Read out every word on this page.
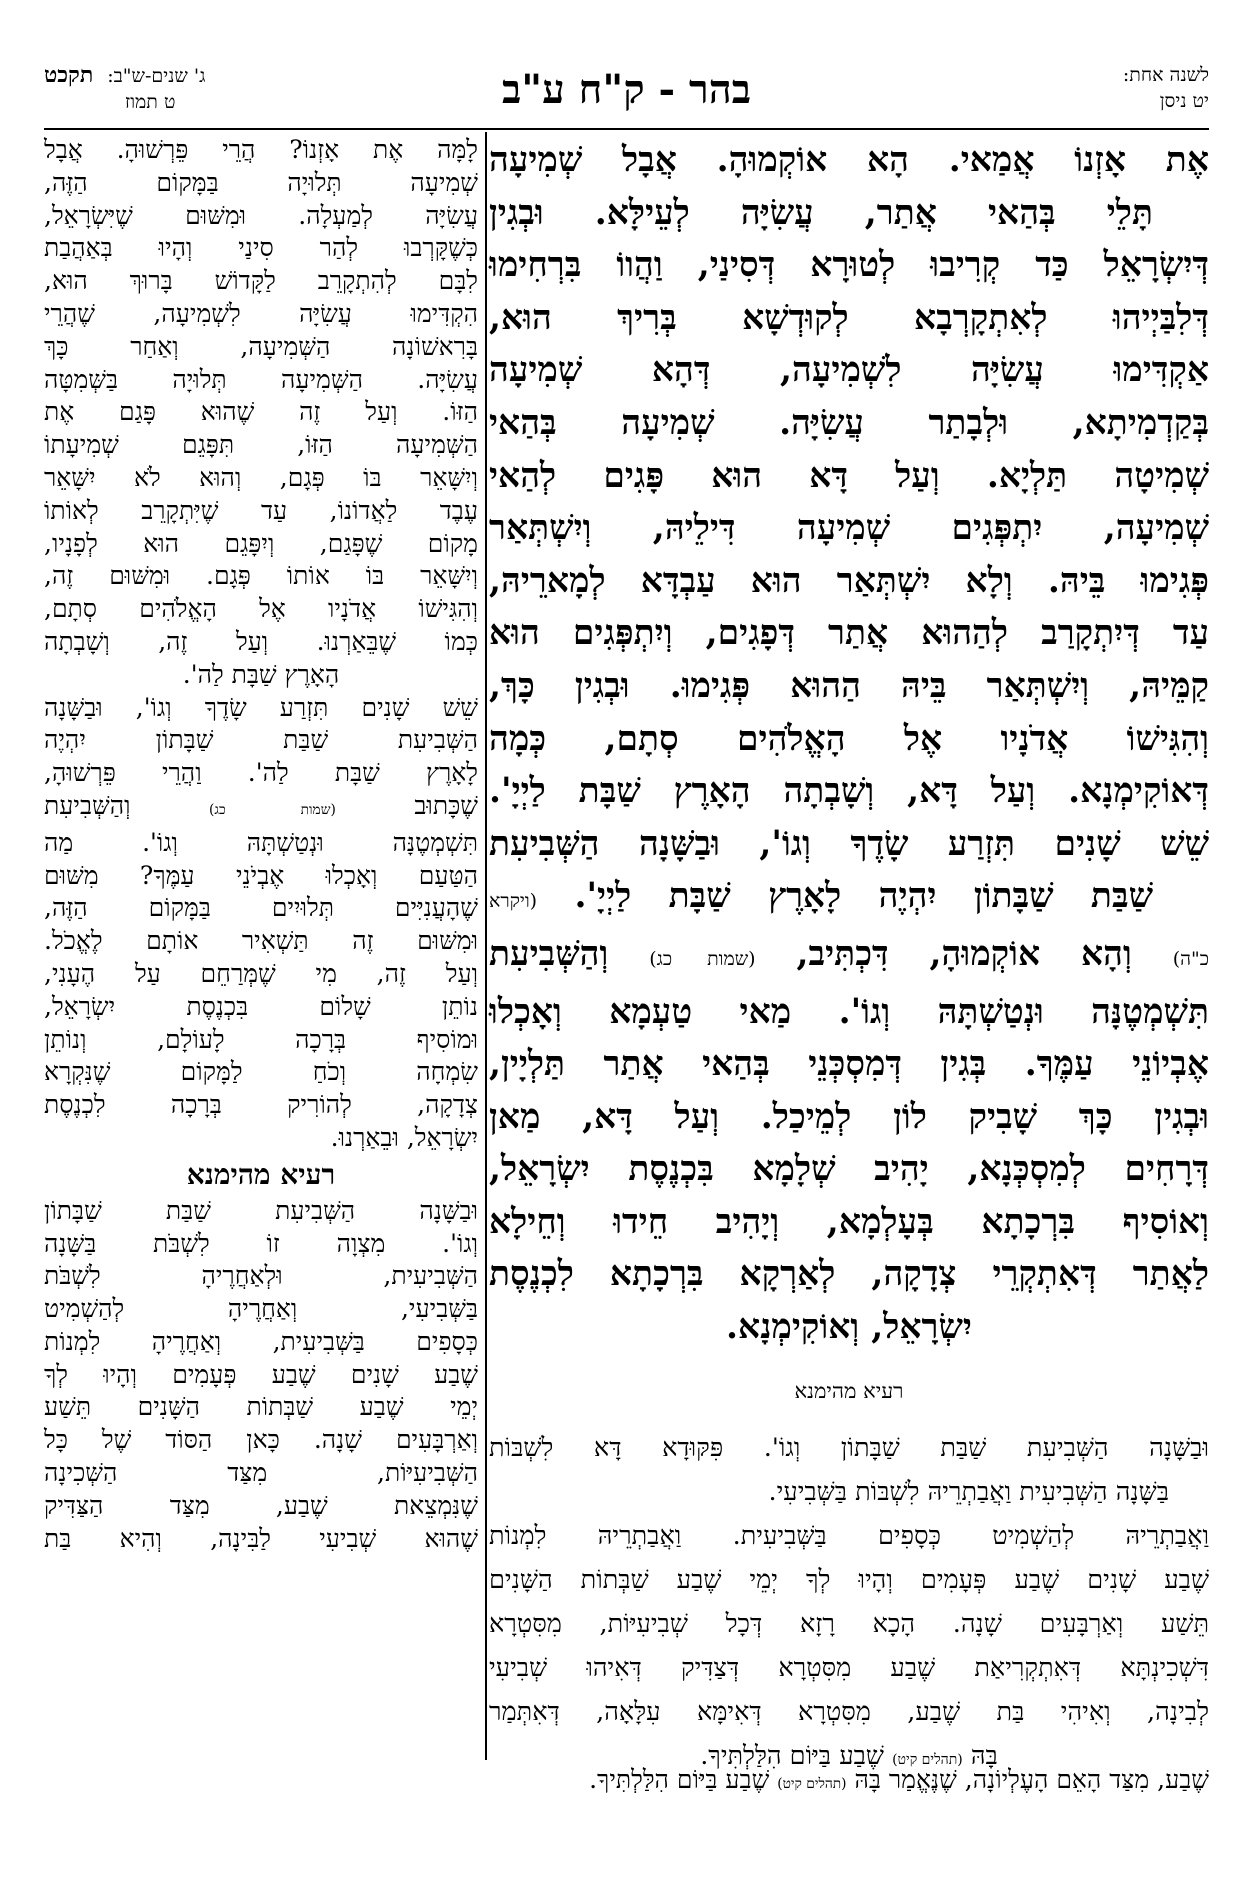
לשנה אחת:
יט ניסן
בהר - ק"ח ע"ב
ג' שנים-ש"ב:תקכט
ט תמוז

אֶת אָזְנוֹ אֲמַאי. הָא אוֹקְמוּהָ. אֲבָל שְׁמִיעָה

תָּלֵי בְּהַאי אֲתַר, עֲשִׂיָּה לְעֵילָּא. וּבְגִין

דְּיִשְׂרָאֵל כַּד קְרִיבוּ לְטוּרָא דְּסִינַי, וַהֲווֹ בִּרְחִימוּ

דְּלִבַּיְיהוּ לְאִתְקָרְבָא לְקוּדְשָׁא בְּרִיךְ הוּא,

אַקְדִּימוּ עֲשִׂיָּה לִשְׁמִיעָה, דְּהָא שְׁמִיעָה

בְּקַדְמִיתָא, וּלְבָתַר עֲשִׂיָּה. שְׁמִיעָה בְּהַאי

שְׁמִיטָה תַּלְיָא. וְעַל דָּא הוּא פָּגִים לְהַאי

שְׁמִיעָה, יִתְפְּגִים שְׁמִיעָה דִּילֵיהּ, וְיִשְׁתְּאַר

פְּגִימוּ בֵּיהּ. וְלָא יִשְׁתְּאַר הוּא עַבְדָּא לְמָארֵיהּ,

עַד דְּיִתְקָרַב לְהַהוּא אֲתַר דְּפָגִים, וְיִתְפְּגִים הוּא

קַמֵּיהּ, וְיִשְׁתְּאַר בֵּיהּ הַהוּא פְּגִימוּ. וּבְגִין כָּךְ,

וְהִגִּישׁוֹ אֲדֹנָיו אֶל הָאֱלֹהִים סְתָם, כְּמָה

דְּאוֹקִימְנָא. וְעַל דָּא, וְשָׁבְתָה הָאָרֶץ שַׁבָּת לַיְיָ'.

שֵׁשׁ שָׁנִים תִּזְרַע שָׂדֶךָ וְגוֹ', וּבַשָּׁנָה הַשְּׁבִיעִת

שַׁבַּת שַׁבָּתוֹן יִהְיֶה לָאָרֶץ שַׁבָּת לַיְיָ'. (ויקרא

כ"ה) וְהָא אוֹקְמוּהָ, דִּכְתִּיב, (שמות כג) וְהַשְּׁבִיעִת

תִּשְׁמְטֶנָּה וּנְטַשְׁתָּהּ וְגוֹ'. מַאי טַעְמָא וְאָכְלוּ

אֶבְיוֹנֵי עַמֶּךָ. בְּגִין דְּמִסְכְּנֵי בְּהַאי אֲתַר תַּלְיָין,

וּבְגִין כָּךְ שָׁבִיק לוֹן לְמֵיכַל. וְעַל דָּא, מַאן

דְּרָחִים לְמִסְכְּנָא, יָהִיב שְׁלָמָא בִּכְנֶסֶת יִשְׂרָאֵל,

וְאוֹסִיף בִּרְכָתָא בְּעָלְמָא, וְיָהִיב חֵידוּ וְחֵילָא

לַאֲתַר דְּאִתְקְרֵי צְדָקָה, לְאַרְקָא בִּרְכָתָא לִכְנֶסֶת

יִשְׂרָאֵל, וְאוֹקִימְנָא.

רעיא מהימנא

וּבַשָּׁנָה הַשְּׁבִיעִת שַׁבַּת שַׁבָּתוֹן וְגוֹ'. פִּקּוּדָא דָּא לִשְׁבּוֹת

בַּשָּׁנָה הַשְּׁבִיעִית וַאֲבַתְרֵיהּ לִשְׁבּוֹת בַּשְּׁבִיעִי.

וַאֲבַתְרֵיהּ לְהַשְׁמִיט כְּסָפִים בַּשְּׁבִיעִית. וַאֲבַתְרֵיהּ לִמְנוֹת

שֶׁבַע שָׁנִים שֶׁבַע פְּעָמִים וְהָיוּ לְךָ יְמֵי שֶׁבַע שַׁבְּתוֹת הַשָּׁנִים

תֵּשַׁע וְאַרְבָּעִים שָׁנָה. הָכָא רָזָא דְּכָל שְׁבִיעִיּוֹת, מִסִּטְרָא

דִּשְׁכִינְתָּא דְּאִתְקְרִיאַת שֶׁבַע מִסִּטְרָא דְּצַדִּיק דְּאִיהוּ שְׁבִיעִי

לְבִינָה, וְאִיהִי בַּת שֶׁבַע, מִסִּטְרָא דְּאִימָּא עִלָּאָה, דְּאִתְּמַר

בָּהּ (תהלים קיט) שֶׁבַע בַּיּוֹם הִלַּלְתִּיךָ.

לָמָּה אֶת אָזְנוֹ? הֲרֵי פֵּרְשׁוּהָ. אֲבָל

שְׁמִיעָה תְּלוּיָה בַּמָּקוֹם הַזֶּה,

עֲשִׂיָּה לְמַעְלָה. וּמִשּׁוּם שֶׁיִּשְׂרָאֵל,

כְּשֶׁקָּרְבוּ לְהַר סִינַי וְהָיוּ בְּאַהֲבַת

לִבָּם לְהִתְקָרֵב לַקָּדוֹשׁ בָּרוּךְ הוּא,

הִקְדִּימוּ עֲשִׂיָּה לִשְׁמִיעָה, שֶׁהֲרֵי

בָּרִאשׁוֹנָה הַשְּׁמִיעָה, וְאַחַר כָּךְ

עֲשִׂיָּה. הַשְּׁמִיעָה תְּלוּיָה בַּשְּׁמִטָּה

הַזּוֹ. וְעַל זֶה שֶׁהוּא פָּגַם אֶת

הַשְּׁמִיעָה הַזּוֹ, תִּפָּגֵם שְׁמִיעָתוֹ

וְיִשָּׁאֵר בּוֹ פְּגָם, וְהוּא לֹא יִשָּׁאֵר

עֶבֶד לַאֲדוֹנוֹ, עַד שֶׁיִּתְקָרֵב לְאוֹתוֹ

מָקוֹם שֶׁפָּגַם, וְיִפָּגֵם הוּא לְפָנָיו,

וְיִשָּׁאֵר בּוֹ אוֹתוֹ פְּגָם. וּמִשּׁוּם זֶה,

וְהִגִּישׁוֹ אֲדֹנָיו אֶל הָאֱלֹהִים סְתָם,

כְּמוֹ שֶׁבֵּאַרְנוּ. וְעַל זֶה, וְשָׁבְתָה

הָאָרֶץ שַׁבָּת לַה'.

שֵׁשׁ שָׁנִים תִּזְרַע שָׂדֶךָ וְגוֹ', וּבַשָּׁנָה

הַשְּׁבִיעִת שַׁבַּת שַׁבָּתוֹן יִהְיֶה

לָאָרֶץ שַׁבָּת לַה'. וַהֲרֵי פֵּרְשׁוּהָ,

שֶׁכָּתוּב (שמות כג) וְהַשְּׁבִיעִת

תִּשְׁמְטֶנָּה וּנְטַשְׁתָּהּ וְגוֹ'. מַה

הַטַּעַם וְאָכְלוּ אֶבְיֹנֵי עַמֶּךָ? מִשּׁוּם

שֶׁהָעֲנִיִּים תְּלוּיִים בַּמָּקוֹם הַזֶּה,

וּמִשּׁוּם זֶה תַּשְׁאִיר אוֹתָם לֶאֱכֹל.

וְעַל זֶה, מִי שֶׁמְּרַחֵם עַל הֶעָנִי,

נוֹתֵן שָׁלוֹם בִּכְנֶסֶת יִשְׂרָאֵל,

וּמוֹסִיף בְּרָכָה לָעוֹלָם, וְנוֹתֵן

שִׂמְחָה וְכֹחַ לַמָּקוֹם שֶׁנִּקְרָא

צְדָקָה, לְהוֹרִיק בְּרָכָה לִכְנֶסֶת

יִשְׂרָאֵל, וּבֵאַרְנוּ.

רעיא מהימנא

וּבַשָּׁנָה הַשְּׁבִיעִת שַׁבַּת שַׁבָּתוֹן

וְגוֹ'. מִצְוָה זוֹ לִשְׁבֹּת בַּשָּׁנָה

הַשְּׁבִיעִית, וּלְאַחֲרֶיהָ לִשְׁבֹּת

בַּשְּׁבִיעִי, וְאַחֲרֶיהָ לְהַשְׁמִיט

כְּסָפִים בַּשְּׁבִיעִית, וְאַחֲרֶיהָ לִמְנוֹת

שֶׁבַע שָׁנִים שֶׁבַע פְּעָמִים וְהָיוּ לְךָ

יְמֵי שֶׁבַע שַׁבְּתוֹת הַשָּׁנִים תֵּשַׁע

וְאַרְבָּעִים שָׁנָה. כָּאן הַסּוֹד שֶׁל כָּל

הַשְּׁבִיעִיּוֹת, מִצַּד הַשְּׁכִינָה

שֶׁנִּמְצֵאת שֶׁבַע, מִצַּד הַצַּדִּיק

שֶׁהוּא שְׁבִיעִי לַבִּינָה, וְהִיא בַּת

שֶׁבַע, מִצַּד הָאֵם הָעֶלְיוֹנָה, שֶׁנֶּאֱמַר בָּהּ (תהלים קיט) שֶׁבַע בַּיּוֹם הִלַּלְתִּיךָ.
